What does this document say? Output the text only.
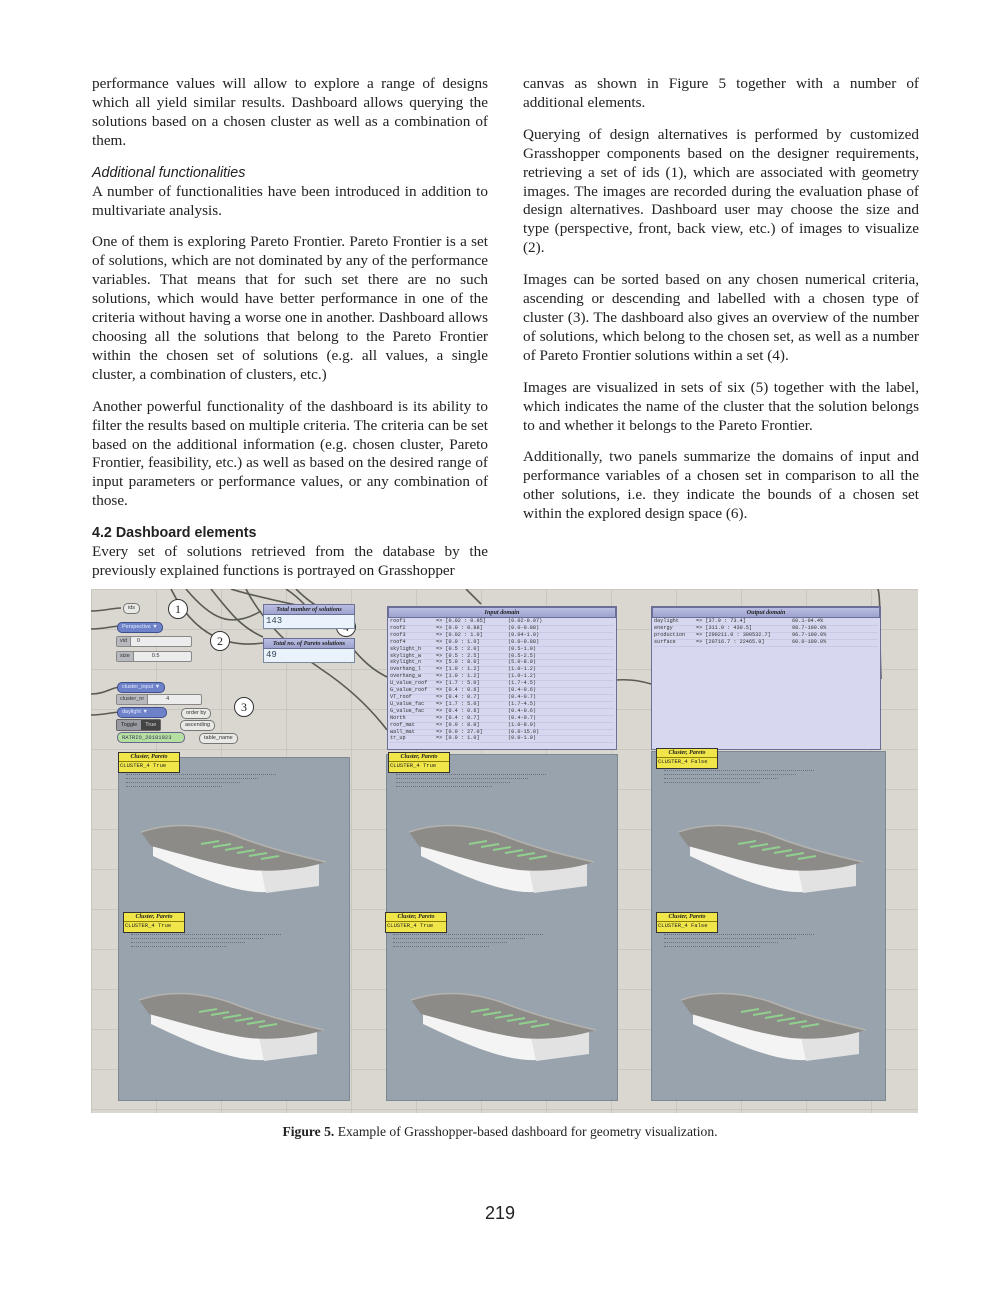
performance values will allow to explore a range of designs which all yield similar results. Dashboard allows querying the solutions based on a chosen cluster as well as a combination of them.

Additional functionalities

A number of functionalities have been introduced in addition to multivariate analysis.

One of them is exploring Pareto Frontier. Pareto Frontier is a set of solutions, which are not dominated by any of the performance variables. That means that for such set there are no such solutions, which would have better performance in one of the criteria without having a worse one in another. Dashboard allows choosing all the solutions that belong to the Pareto Frontier within the chosen set of solutions (e.g. all values, a single cluster, a combination of clusters, etc.)

Another powerful functionality of the dashboard is its ability to filter the results based on multiple criteria. The criteria can be set based on the additional information (e.g. chosen cluster, Pareto Frontier, feasibility, etc.) as well as based on the desired range of input parameters or performance values, or any combination of those.

4.2 Dashboard elements

Every set of solutions retrieved from the database by the previously explained functions is portrayed on Grasshopper

canvas as shown in Figure 5 together with a number of additional elements.

Querying of design alternatives is performed by customized Grasshopper components based on the designer requirements, retrieving a set of ids (1), which are associated with geometry images. The images are recorded during the evaluation phase of design alternatives. Dashboard user may choose the size and type (perspective, front, back view, etc.) of images to visualize (2).

Images can be sorted based on any chosen numerical criteria, ascending or descending and labelled with a chosen type of cluster (3). The dashboard also gives an overview of the number of solutions, which belong to the chosen set, as well as a number of Pareto Frontier solutions within a set (4).

Images are visualized in sets of six (5) together with the label, which indicates the name of the cluster that the solution belongs to and whether it belongs to the Pareto Frontier.

Additionally, two panels summarize the domains of input and performance variables of a chosen set in comparison to all the other solutions, i.e. they indicate the bounds of a chosen set within the explored design space (6).

ids
Perspective ▼
vid	0
size	0.5
cluster_input ▼
cluster_nr	4
daylight ▼	order by
Toggle	True	ascending
RATRIO_20181023	table_name
1
2
3
Total number of solutions
143
Total no. of Pareto solutions
49
Input domain
roof1	=> [0.02 : 0.95]	(0.02-0.97)
roof2	=> [0.0 : 0.88]	(0.0-0.88)
roof3	=> [0.02 : 1.0]	(0.04-1.0)
roof4	=> [0.0 : 1.0]	(0.0-0.88)
skylight_h	=> [0.5 : 2.0]	(0.5-1.0)
skylight_w	=> [0.5 : 2.5]	(0.5-2.5)
skylight_n	=> [5.0 : 8.0]	(5.0-8.0)
overhang_l	=> [1.0 : 1.2]	(1.0-1.2)
overhang_w	=> [1.0 : 1.2]	(1.0-1.2)
U_value_roof	=> [1.7 : 5.0]	(1.7-4.5)
G_value_roof	=> [0.4 : 0.6]	(0.4-0.6)
VT_roof	=> [0.4 : 0.7]	(0.4-0.7)
U_value_fac	=> [1.7 : 5.0]	(1.7-4.5)
G_value_fac	=> [0.4 : 0.6]	(0.4-0.6)
North	=> [0.4 : 0.7]	(0.4-0.7)
roof_mat	=> [0.0 : 8.0]	(1.0-8.0)
wall_mat	=> [0.0 : 27.0]	(0.0-15.0)
tr_up	=> [0.0 : 1.0]	(0.0-1.0)
Output domain
daylight	=> [37.9 : 73.4]	60.1-94.4%
energy	=> [311.9 : 430.5]	98.7-100.0%
production	=> [290211.0 : 300532.7]	96.7-100.0%
surface	=> [20716.7 : 22465.9]	60.0-100.0%
Cluster, Pareto
CLUSTER_4 True
Cluster, Pareto
CLUSTER_4 True
Cluster, Pareto
CLUSTER_4 False
Cluster, Pareto
CLUSTER_4 True
Cluster, Pareto
CLUSTER_4 True
Cluster, Pareto
CLUSTER_4 False
Figure 5. Example of Grasshopper-based dashboard for geometry visualization.
219
